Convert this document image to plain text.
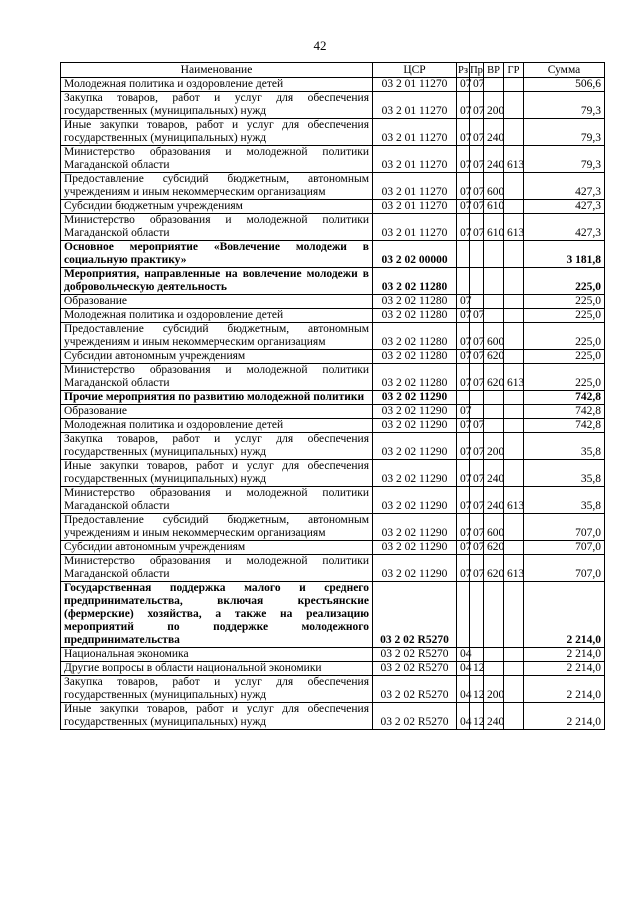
42
Наименование	ЦСР	Рз	Пр	ВР	ГР	Сумма
Молодежная политика и оздоровление детей	03 2 01 11270	07	07			506,6
Закупка товаров, работ и услуг для обеспечения государственных (муниципальных) нужд	03 2 01 11270	07	07	200		79,3
Иные закупки товаров, работ и услуг для обеспечения государственных (муниципальных) нужд	03 2 01 11270	07	07	240		79,3
Министерство образования и молодежной политики Магаданской области	03 2 01 11270	07	07	240	613	79,3
Предоставление субсидий бюджетным, автономным учреждениям и иным некоммерческим организациям	03 2 01 11270	07	07	600		427,3
Субсидии бюджетным учреждениям	03 2 01 11270	07	07	610		427,3
Министерство образования и молодежной политики Магаданской области	03 2 01 11270	07	07	610	613	427,3
Основное мероприятие «Вовлечение молодежи в социальную практику»	03 2 02 00000					3 181,8
Мероприятия, направленные на вовлечение молодежи в добровольческую деятельность	03 2 02 11280					225,0
Образование	03 2 02 11280	07				225,0
Молодежная политика и оздоровление детей	03 2 02 11280	07	07			225,0
Предоставление субсидий бюджетным, автономным учреждениям и иным некоммерческим организациям	03 2 02 11280	07	07	600		225,0
Субсидии автономным учреждениям	03 2 02 11280	07	07	620		225,0
Министерство образования и молодежной политики Магаданской области	03 2 02 11280	07	07	620	613	225,0
Прочие мероприятия по развитию молодежной политики	03 2 02 11290					742,8
Образование	03 2 02 11290	07				742,8
Молодежная политика и оздоровление детей	03 2 02 11290	07	07			742,8
Закупка товаров, работ и услуг для обеспечения государственных (муниципальных) нужд	03 2 02 11290	07	07	200		35,8
Иные закупки товаров, работ и услуг для обеспечения государственных (муниципальных) нужд	03 2 02 11290	07	07	240		35,8
Министерство образования и молодежной политики Магаданской области	03 2 02 11290	07	07	240	613	35,8
Предоставление субсидий бюджетным, автономным учреждениям и иным некоммерческим организациям	03 2 02 11290	07	07	600		707,0
Субсидии автономным учреждениям	03 2 02 11290	07	07	620		707,0
Министерство образования и молодежной политики Магаданской области	03 2 02 11290	07	07	620	613	707,0
Государственная поддержка малого и среднего предпринимательства, включая крестьянские (фермерские) хозяйства, а также на реализацию мероприятий по поддержке молодежного предпринимательства	03 2 02 R5270					2 214,0
Национальная экономика	03 2 02 R5270	04				2 214,0
Другие вопросы в области национальной экономики	03 2 02 R5270	04	12			2 214,0
Закупка товаров, работ и услуг для обеспечения государственных (муниципальных) нужд	03 2 02 R5270	04	12	200		2 214,0
Иные закупки товаров, работ и услуг для обеспечения государственных (муниципальных) нужд	03 2 02 R5270	04	12	240		2 214,0
